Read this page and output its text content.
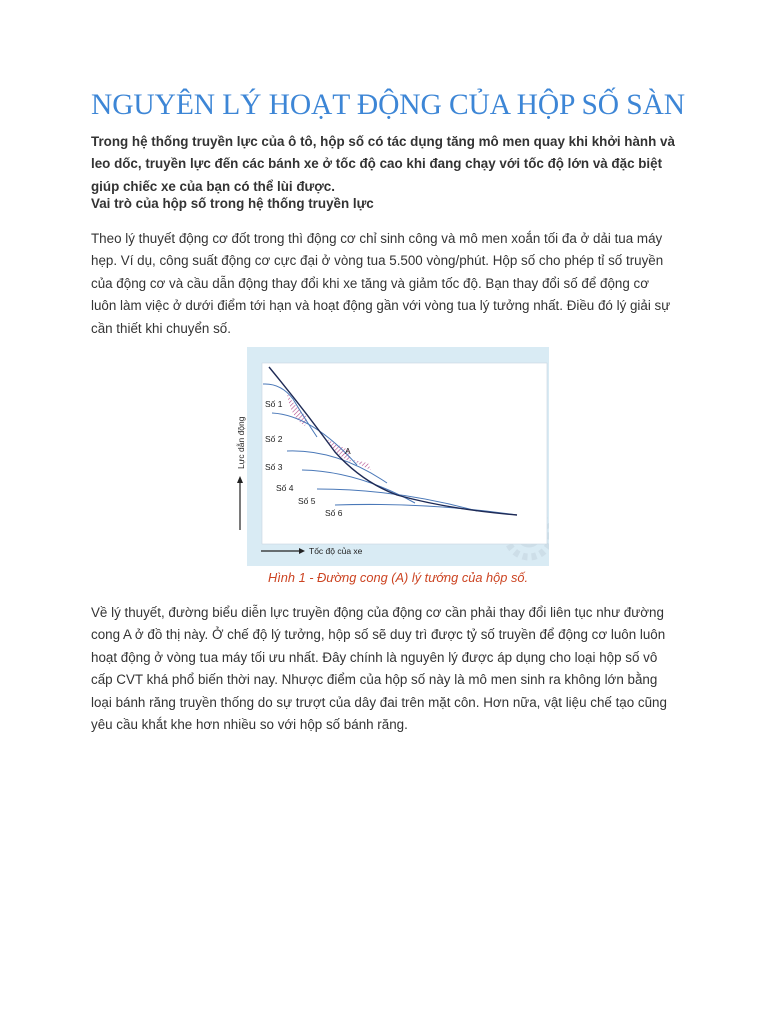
NGUYÊN LÝ HOẠT ĐỘNG CỦA HỘP SỐ SÀN

Trong hệ thống truyền lực của ô tô, hộp số có tác dụng tăng mô men quay khi khởi hành và leo dốc, truyền lực đến các bánh xe ở tốc độ cao khi đang chạy với tốc độ lớn và đặc biệt giúp chiếc xe của bạn có thể lùi được.

Vai trò của hộp số trong hệ thống truyền lực

Theo lý thuyết động cơ đốt trong thì động cơ chỉ sinh công và mô men xoắn tối đa ở dải tua máy hẹp. Ví dụ, công suất động cơ cực đại ở vòng tua 5.500 vòng/phút. Hộp số cho phép tỉ số truyền của động cơ và cầu dẫn động thay đổi khi xe tăng và giảm tốc độ. Bạn thay đổi số để động cơ luôn làm việc ở dưới điểm tới hạn và hoạt động gần với vòng tua lý tưởng nhất. Điều đó lý giải sự cần thiết khi chuyển số.

Số 1
Số 2
Số 3
Số 4
Số 5
Số 6
A
Tốc độ của xe
Lực dẫn động

Hình 1 - Đường cong (A) lý tướng của hộp số.

Về lý thuyết, đường biểu diễn lực truyền động của động cơ cần phải thay đổi liên tục như đường cong A ở đồ thị này. Ở chế độ lý tưởng, hộp số sẽ duy trì được tỷ số truyền để động cơ luôn luôn hoạt động ở vòng tua máy tối ưu nhất. Đây chính là nguyên lý được áp dụng cho loại hộp số vô cấp CVT khá phổ biến thời nay. Nhược điểm của hộp số này là mô men sinh ra không lớn bằng loại bánh răng truyền thống do sự trượt của dây đai trên mặt côn. Hơn nữa, vật liệu chế tạo cũng yêu cầu khắt khe hơn nhiều so với hộp số bánh răng.
